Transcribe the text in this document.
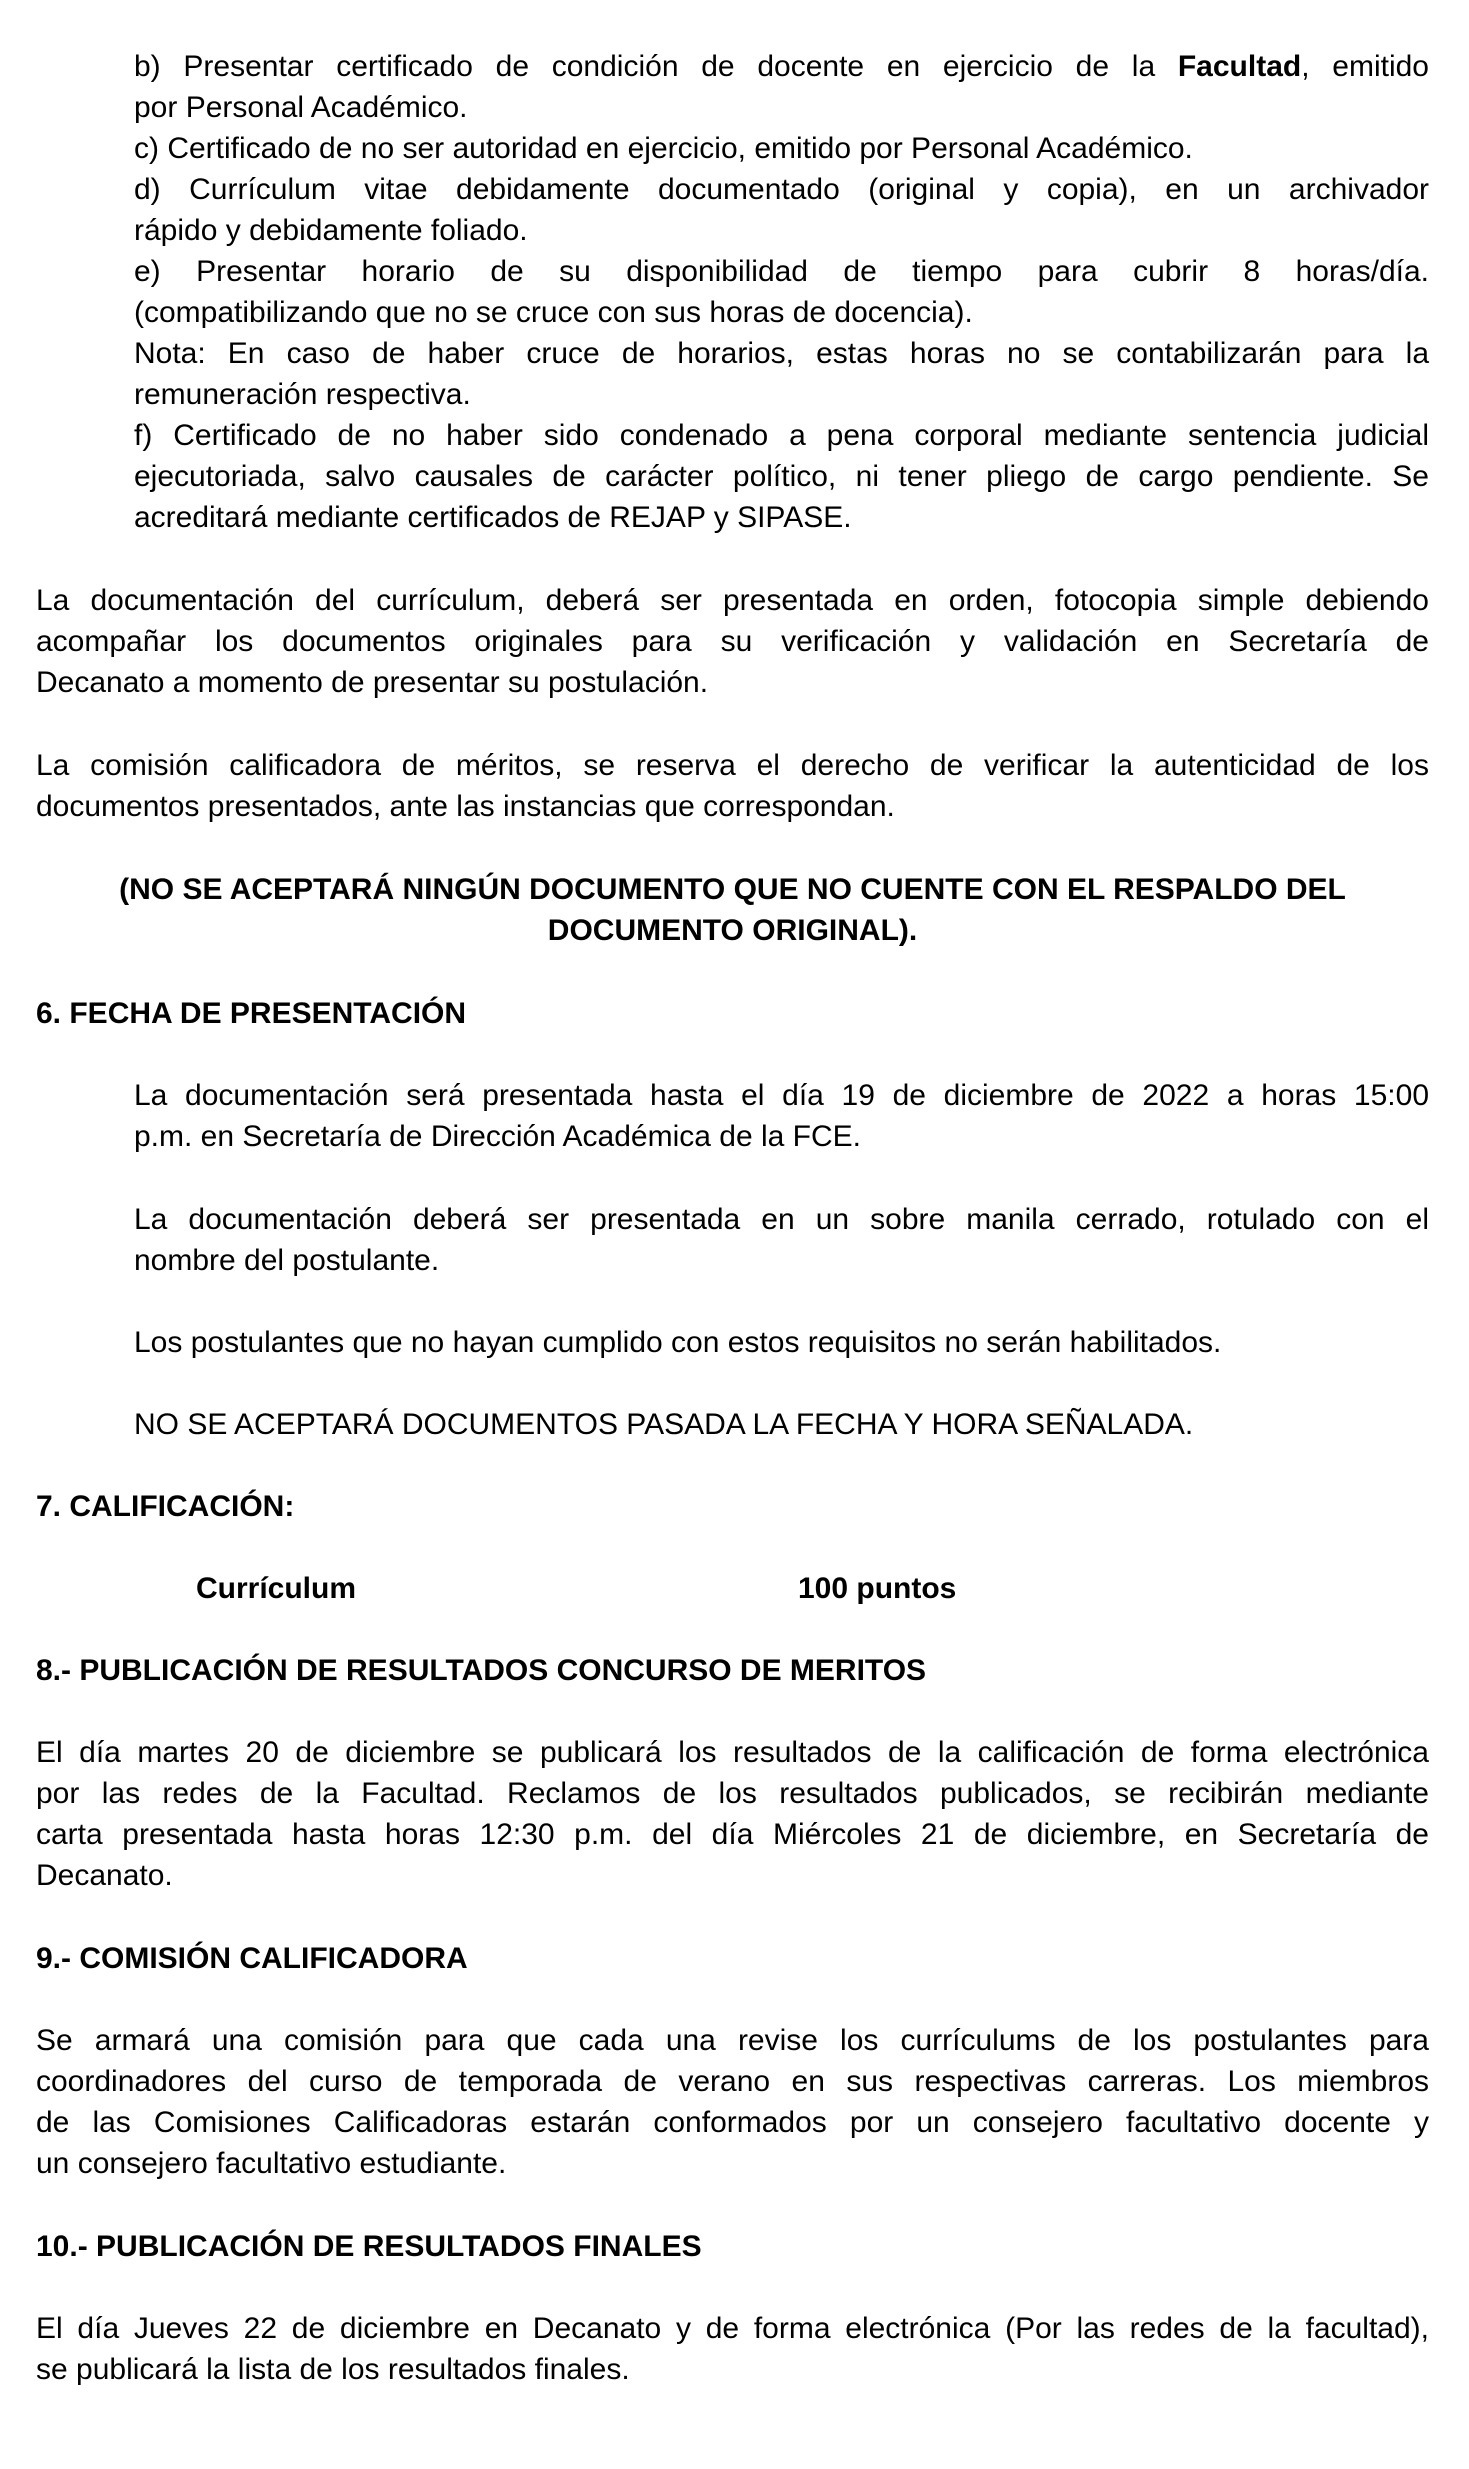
b) Presentar certificado de condición de docente en ejercicio de la Facultad, emitido
por Personal Académico.
c) Certificado de no ser autoridad en ejercicio, emitido por Personal Académico.
d) Currículum vitae debidamente documentado (original y copia), en un archivador
rápido y debidamente foliado.
e) Presentar horario de su disponibilidad de tiempo para cubrir 8 horas/día.
(compatibilizando que no se cruce con sus horas de docencia).
Nota: En caso de haber cruce de horarios, estas horas no se contabilizarán para la
remuneración respectiva.
f) Certificado de no haber sido condenado a pena corporal mediante sentencia judicial
ejecutoriada, salvo causales de carácter político, ni tener pliego de cargo pendiente. Se
acreditará mediante certificados de REJAP y SIPASE.
La documentación del currículum, deberá ser presentada en orden, fotocopia simple debiendo
acompañar los documentos originales para su verificación y validación en Secretaría de
Decanato a momento de presentar su postulación.
La comisión calificadora de méritos, se reserva el derecho de verificar la autenticidad de los
documentos presentados, ante las instancias que correspondan.
(NO SE ACEPTARÁ NINGÚN DOCUMENTO QUE NO CUENTE CON EL RESPALDO DEL
DOCUMENTO ORIGINAL).
6. FECHA DE PRESENTACIÓN
La documentación será presentada hasta el día 19 de diciembre de 2022 a horas 15:00
p.m. en Secretaría de Dirección Académica de la FCE.
La documentación deberá ser presentada en un sobre manila cerrado, rotulado con el
nombre del postulante.
Los postulantes que no hayan cumplido con estos requisitos no serán habilitados.
NO SE ACEPTARÁ DOCUMENTOS PASADA LA FECHA Y HORA SEÑALADA.
7. CALIFICACIÓN:
Currículum	100 puntos
8.- PUBLICACIÓN DE RESULTADOS CONCURSO DE MERITOS
El día martes 20 de diciembre se publicará los resultados de la calificación de forma electrónica
por las redes de la Facultad. Reclamos de los resultados publicados, se recibirán mediante
carta presentada hasta horas 12:30 p.m. del día Miércoles 21 de diciembre, en Secretaría de
Decanato.
9.- COMISIÓN CALIFICADORA
Se armará una comisión para que cada una revise los currículums de los postulantes para
coordinadores del curso de temporada de verano en sus respectivas carreras. Los miembros
de las Comisiones Calificadoras estarán conformados por un consejero facultativo docente y
un consejero facultativo estudiante.
10.- PUBLICACIÓN DE RESULTADOS FINALES
El día Jueves 22 de diciembre en Decanato y de forma electrónica (Por las redes de la facultad),
se publicará la lista de los resultados finales.
